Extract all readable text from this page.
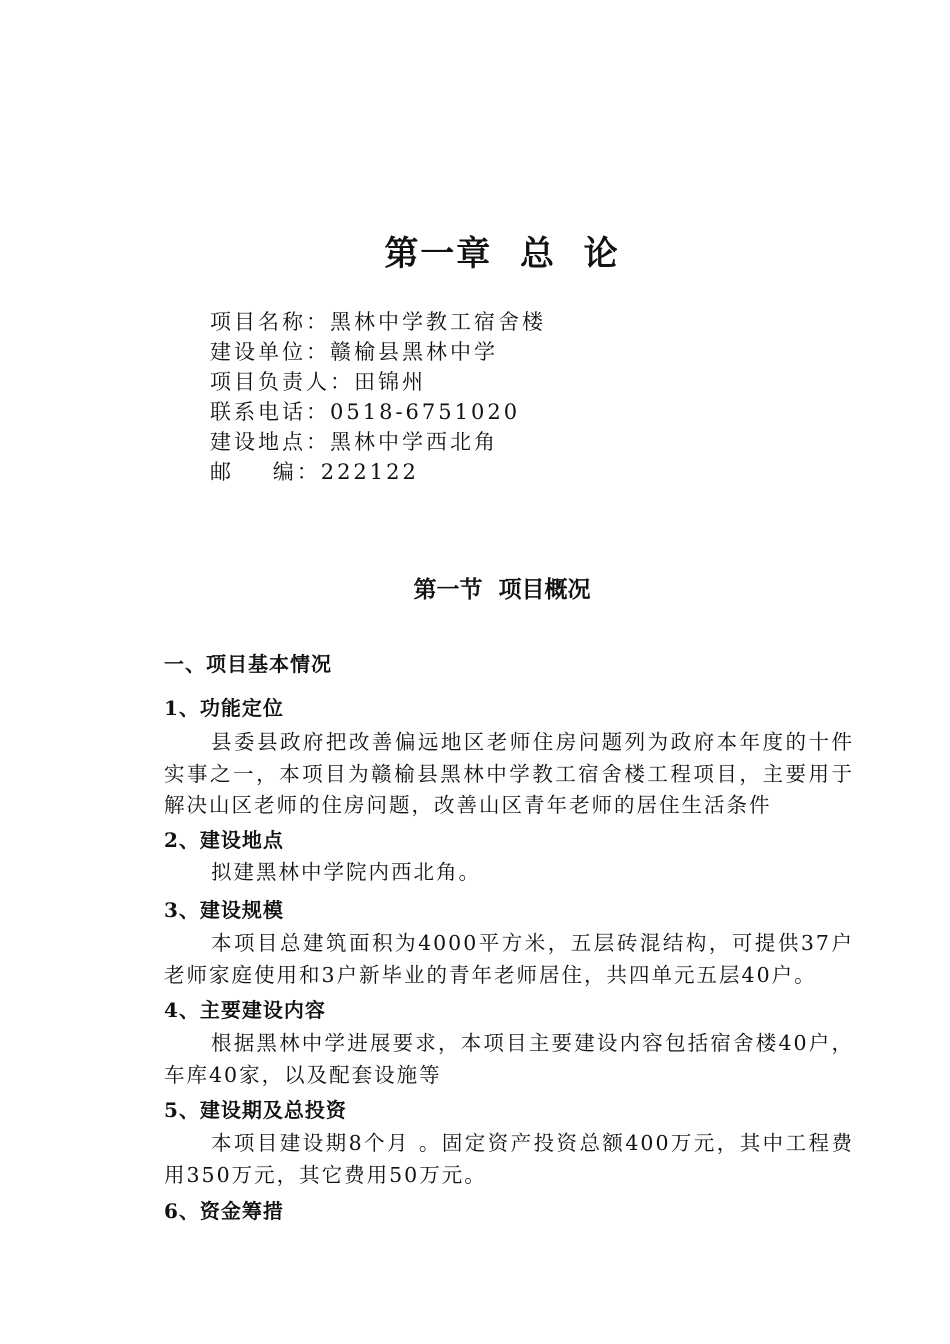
第一章  总  论
项目名称：黑林中学教工宿舍楼
建设单位：赣榆县黑林中学
项目负责人：田锦州
联系电话：0518-6751020
建设地点：黑林中学西北角
邮    编：222122
第一节  项目概况
一、项目基本情况
1、功能定位

县委县政府把改善偏远地区老师住房问题列为政府本年度的十件实事之一，本项目为赣榆县黑林中学教工宿舍楼工程项目，主要用于解决山区老师的住房问题，改善山区青年老师的居住生活条件

2、建设地点

拟建黑林中学院内西北角。

3、建设规模

本项目总建筑面积为4000平方米，五层砖混结构，可提供37户老师家庭使用和3户新毕业的青年老师居住，共四单元五层40户。

4、主要建设内容

根据黑林中学进展要求，本项目主要建设内容包括宿舍楼40户，车库40家，以及配套设施等

5、建设期及总投资

本项目建设期8个月 。固定资产投资总额400万元，其中工程费用350万元，其它费用50万元。

6、资金筹措
